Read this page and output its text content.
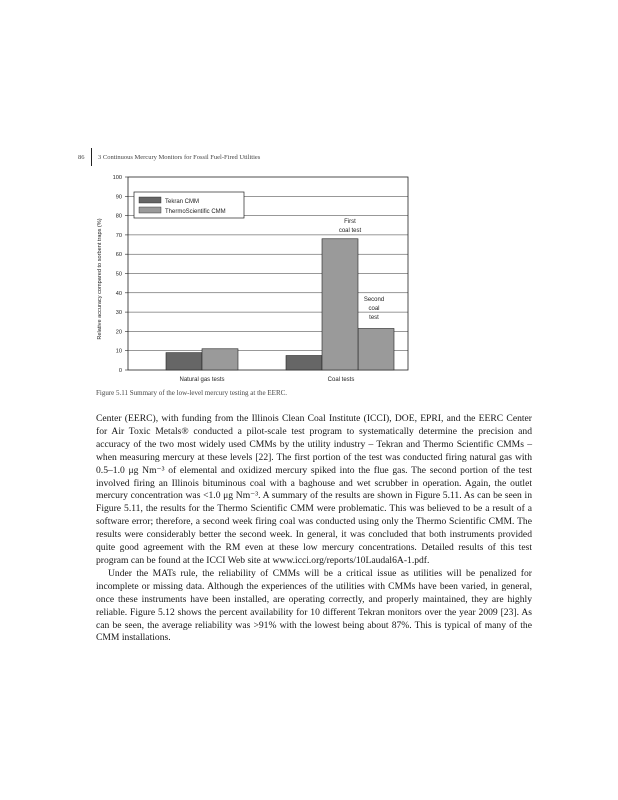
86 3 Continuous Mercury Monitors for Fossil Fuel-Fired Utilities
0
10
20
30
40
50
60
70
80
90
100
Tekran CMM
ThermoScientific CMM
First
coal test
Second
coal
test
Natural gas tests	Coal tests
Relative accuracy compared to sorbent traps (%)
Figure 5.11 Summary of the low-level mercury testing at the EERC.

Center (EERC), with funding from the Illinois Clean Coal Institute (ICCI), DOE, EPRI, and the EERC Center for Air Toxic Metals® conducted a pilot-scale test program to systematically determine the precision and accuracy of the two most widely used CMMs by the utility industry – Tekran and Thermo Scientific CMMs – when measuring mercury at these levels [22]. The first portion of the test was conducted firing natural gas with 0.5–1.0 μg Nm⁻³ of elemental and oxidized mercury spiked into the flue gas. The second portion of the test involved firing an Illinois bituminous coal with a baghouse and wet scrubber in operation. Again, the outlet mercury concentration was <1.0 μg Nm⁻³. A summary of the results are shown in Figure 5.11. As can be seen in Figure 5.11, the results for the Thermo Scientific CMM were problematic. This was believed to be a result of a software error; therefore, a second week firing coal was conducted using only the Thermo Scientific CMM. The results were considerably better the second week. In general, it was concluded that both instruments provided quite good agreement with the RM even at these low mercury concentrations. Detailed results of this test program can be found at the ICCI Web site at www.icci.org/reports/10Laudal6A-1.pdf.

Under the MATs rule, the reliability of CMMs will be a critical issue as utilities will be penalized for incomplete or missing data. Although the experiences of the utilities with CMMs have been varied, in general, once these instruments have been installed, are operating correctly, and properly maintained, they are highly reliable. Figure 5.12 shows the percent availability for 10 different Tekran monitors over the year 2009 [23]. As can be seen, the average reliability was >91% with the lowest being about 87%. This is typical of many of the CMM installations.
